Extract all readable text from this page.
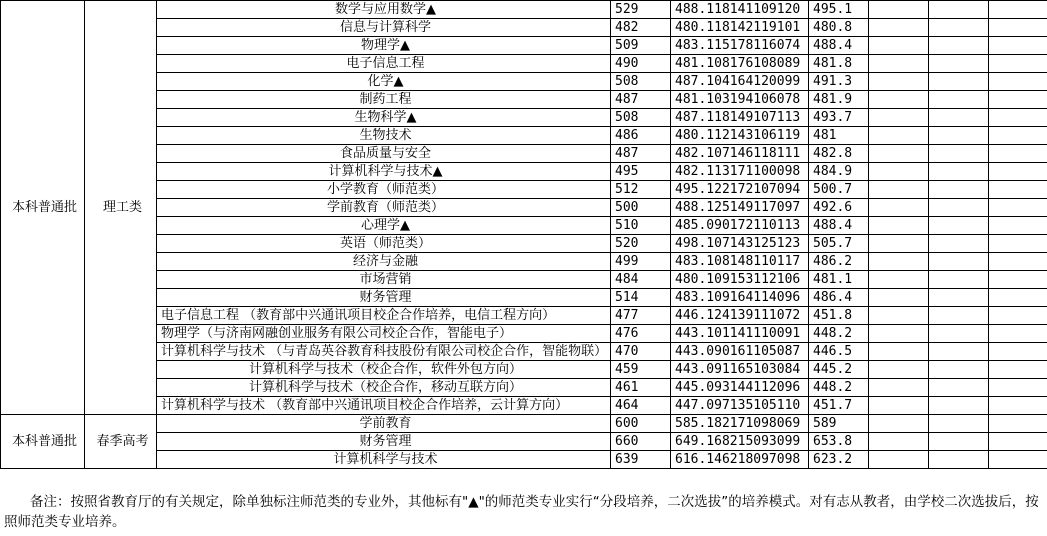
本科普通批	理工类	数学与应用数学▲	529	488.118141109120	495.1			
		信息与计算科学	482	480.118142119101	480.8			
		物理学▲	509	483.115178116074	488.4			
		电子信息工程	490	481.108176108089	481.8			
		化学▲	508	487.104164120099	491.3			
		制药工程	487	481.103194106078	481.9			
		生物科学▲	508	487.118149107113	493.7			
		生物技术	486	480.112143106119	481			
		食品质量与安全	487	482.107146118111	482.8			
		计算机科学与技术▲	495	482.113171100098	484.9			
		小学教育（师范类）	512	495.122172107094	500.7			
		学前教育（师范类）	500	488.125149117097	492.6			
		心理学▲	510	485.090172110113	488.4			
		英语（师范类）	520	498.107143125123	505.7			
		经济与金融	499	483.108148110117	486.2			
		市场营销	484	480.109153112106	481.1			
		财务管理	514	483.109164114096	486.4			
		电子信息工程 （教育部中兴通讯项目校企合作培养，电信工程方向）	477	446.124139111072	451.8			
		物理学（与济南网融创业服务有限公司校企合作，智能电子）	476	443.101141110091	448.2			
		计算机科学与技术 （与青岛英谷教育科技股份有限公司校企合作，智能物联）	470	443.090161105087	446.5			
		计算机科学与技术（校企合作，软件外包方向）	459	443.091165103084	445.2			
		计算机科学与技术（校企合作，移动互联方向）	461	445.093144112096	448.2			
		计算机科学与技术 （教育部中兴通讯项目校企合作培养，云计算方向）	464	447.097135105110	451.7			
本科普通批	春季高考	学前教育	600	585.182171098069	589			
		财务管理	660	649.168215093099	653.8			
		计算机科学与技术	639	616.146218097098	623.2			
备注：按照省教育厅的有关规定，除单独标注师范类的专业外，其他标有"▲"的师范类专业实行“分段培养，二次选拔”的培养模式。对有志从教者，由学校二次选拔后，按照师范类专业培养。
